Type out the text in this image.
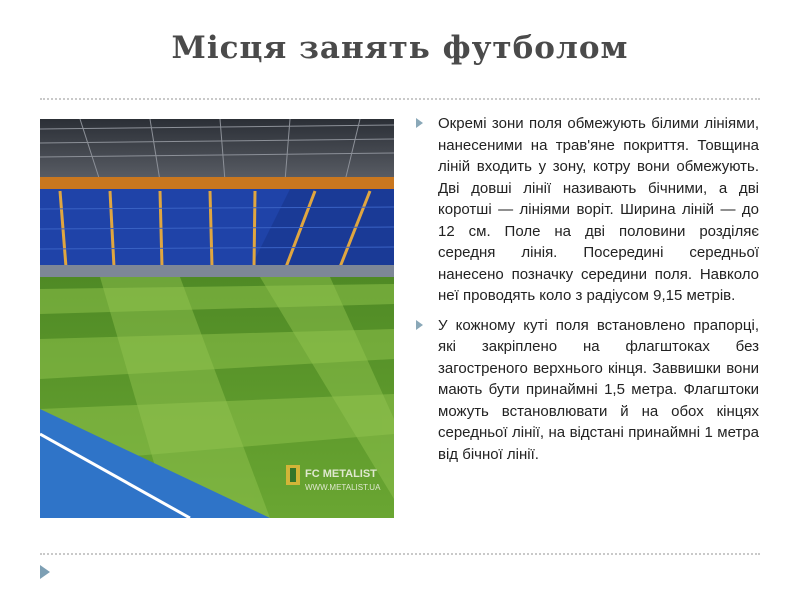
Місця занять футболом
FC METALIST
WWW.METALIST.UA
Окремі зони поля обмежують білими лініями, нанесеними на трав'яне покриття. Товщина ліній входить у зону, котру вони обмежують. Дві довші лінії називають бічними, а дві коротші — лініями воріт. Ширина ліній — до 12 см. Поле на дві половини розділяє середня лінія. Посередині середньої нанесено позначку середини поля. Навколо неї проводять коло з радіусом 9,15 метрів.
У кожному куті поля встановлено прапорці, які закріплено на флагштоках без загостреного верхнього кінця. Заввишки вони мають бути принаймні 1,5 метра. Флагштоки можуть встановлювати й на обох кінцях середньої лінії, на відстані принаймні 1 метра від бічної лінії.
